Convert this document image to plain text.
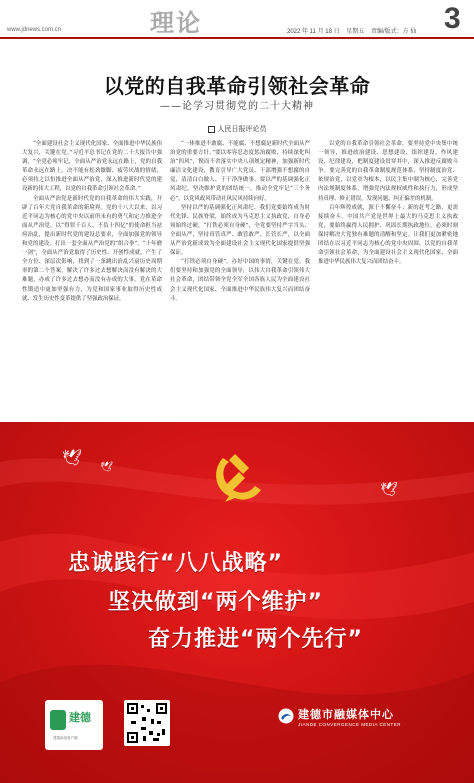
www.jdnews.com.cn	理论	2022 年 11 月 18 日 星期五 责编/版式：方 仙 3
以党的自我革命引领社会革命
——论学习贯彻党的二十大精神
人民日报评论员

“全面建设社会主义现代化国家、全面推进中华民族伟大复兴，关键在党。”习近平总书记在党的二十大报告中强调，“全党必须牢记，全面从严治党永远在路上，党的自我革命永远在路上，决不能有松劲歇脚、疲劳厌战的情绪，必须持之以恒推进全面从严治党，深入推进新时代党的建设新的伟大工程，以党的自我革命引领社会革命。”

全面从严治党是新时代党的自我革命的伟大实践，开辟了百年大党自我革命的新境界。党的十八大以来，以习近平同志为核心的党中央以前所未有的勇气和定力推进全面从严治党，以“得罪千百人、不负十四亿”的使命担当祛疴治乱，提出新时代党的建设总要求，全面加强党的领导和党的建设，打出一套全面从严治党的“组合拳”。“十年磨一剑”，全面从严治党取得了历史性、开创性成就，产生了全方位、深层次影响，找到了一条跳出治乱兴衰历史周期率的第二个答案，解决了许多过去想解决而没有解决的大难题，办成了许多过去想办而没有办成的大事，党在革命性锻造中更加坚强有力，为党和国家事业取得历史性成就、发生历史性变革提供了坚强政治保证。

“一体推进不敢腐、不能腐、不想腐是新时代全面从严治党的重要方针。”要以零容忍态度惩治腐败，持续深化纠治“四风”，锲而不舍落实中央八项规定精神，加强新时代廉洁文化建设，教育引导广大党员、干部增强不想腐的自觉，清清白白做人、干干净净做事。要以严的基调强化正风肃纪，坚决维护党的团结统一，推动全党牢记“三个务必”，以党风政风带动社风民风持续向好。

坚持以严的基调强化正风肃纪。我们党要始终成为时代先锋、民族脊梁，始终成为马克思主义执政党，自身必须始终过硬。“打铁必须自身硬”，全党要坚持严字当头、全面从严，坚持真管真严、敢管敢严、长管长严，以全面从严治党新成效为全面建设社会主义现代化国家提供坚强保证。

“打铁必须自身硬”。办好中国的事情，关键在党。我们要坚持和加强党的全面领导，以伟大自我革命引领伟大社会革命，团结带领全党全军全国各族人民为全面建设社会主义现代化国家、全面推进中华民族伟大复兴而团结奋斗。

以党的自我革命引领社会革命，要坚持党中央集中统一领导，推进政治建设、思想建设、组织建设、作风建设、纪律建设，把制度建设贯穿其中，深入推进反腐败斗争。要完善党的自我革命制度规范体系，坚持制度治党、依规治党，以党章为根本，以民主集中制为核心，完善党内法规制度体系，增强党内法规权威性和执行力，形成坚持真理、修正错误，发现问题、纠正偏差的机制。

百年辉煌成就，源于不懈奋斗；新的赶考之路，更需接续奋斗。中国共产党是世界上最大的马克思主义执政党，要始终赢得人民拥护、巩固长期执政地位，必须时刻保持解决大党独有难题的清醒和坚定。让我们更加紧密地团结在以习近平同志为核心的党中央周围，以党的自我革命引领社会革命，为全面建设社会主义现代化国家、全面推进中华民族伟大复兴而团结奋斗。

🕊
🕊
🕊
忠诚践行“八八战略”
坚决做到“两个维护”
奋力推进“两个先行”
建德
建德新闻客户端
建德市融媒体中心
JIANDE CONVERGENCE MEDIA CENTER
